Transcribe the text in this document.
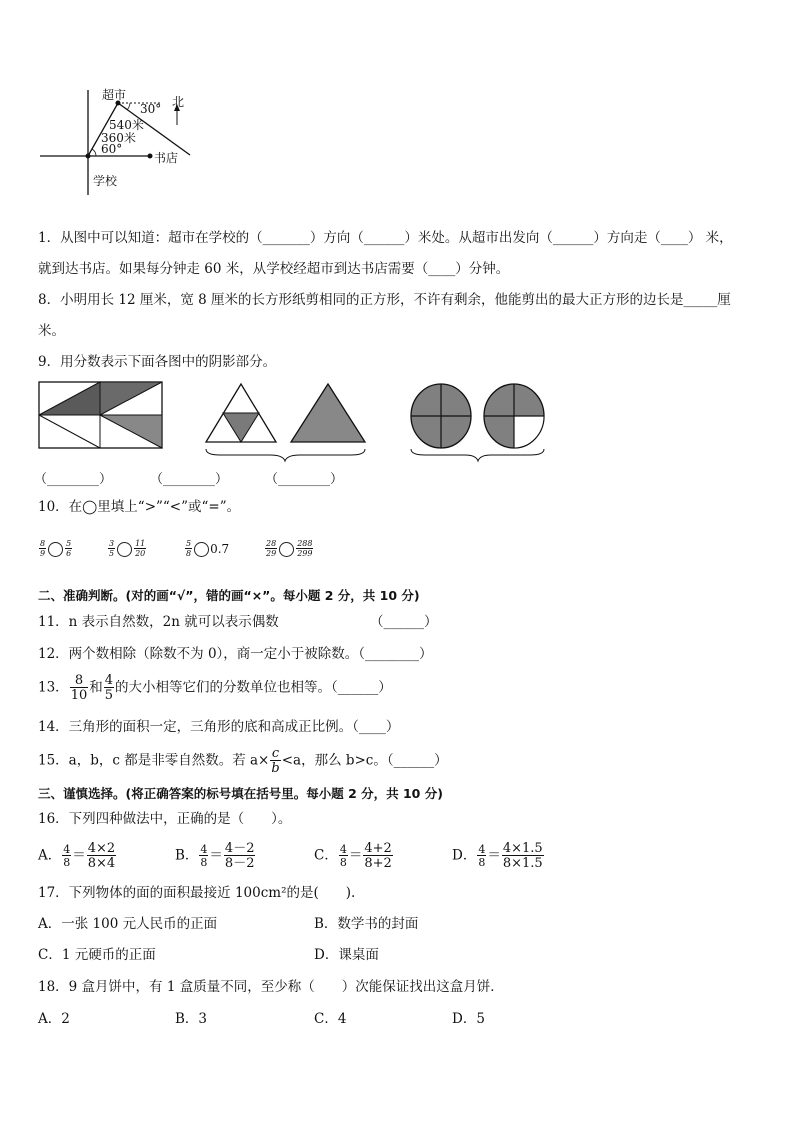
超市	北
30°
540米
360米
60°
书店
学校
1．从图中可以知道：超市在学校的（_______）方向（______）米处。从超市出发向（______）方向走（____） 米，
就到达书店。如果每分钟走 60 米，从学校经超市到达书店需要（____）分钟。
8．小明用长 12 厘米，宽 8 厘米的长方形纸剪相同的正方形，不许有剩余，他能剪出的最大正方形的边长是_____厘
米。
9．用分数表示下面各图中的阴影部分。
（________）	（________）	（________）
10．在◯里填上“>”“<”或“=”。
$\frac{8}{9} \frac{5}{6}$	$\frac{3}{5} \frac{11}{20}$	$\frac{5}{8} 0.7$	$\frac{28}{29} \frac{288}{299}$
二、准确判断。(对的画“√”，错的画“×”。每小题 2 分，共 10 分)
11．n 表示自然数，2n 就可以表示偶数	（______）
12．两个数相除（除数不为 0），商一定小于被除数。（________）
13． $\frac{8}{10}$ 和 $\frac{4}{5}$ 的大小相等它们的分数单位也相等。（______）
14．三角形的面积一定，三角形的底和高成正比例。（____）
15．a，b，c 都是非零自然数。若 $a\times \frac{c}{b} <a$，那么 b>c。（______）
三、谨慎选择。(将正确答案的标号填在括号里。每小题 2 分，共 10 分)
16．下列四种做法中，正确的是（　　）。
A． $\frac{4}{8} = \frac{4\times 2}{8\times 4}$	B． $\frac{4}{8} = \frac{4-2}{8-2}$	C． $\frac{4}{8} = \frac{4+2}{8+2}$	D． $\frac{4}{8} = \frac{4\times 1.5}{8\times 1.5}$
17．下列物体的面的面积最接近 100cm²的是(　　).
A．一张 100 元人民币的正面	B．数学书的封面
C．1 元硬币的正面	D．课桌面
18．9 盒月饼中，有 1 盒质量不同，至少称（　　）次能保证找出这盒月饼．
A．2	B．3	C．4	D．5
